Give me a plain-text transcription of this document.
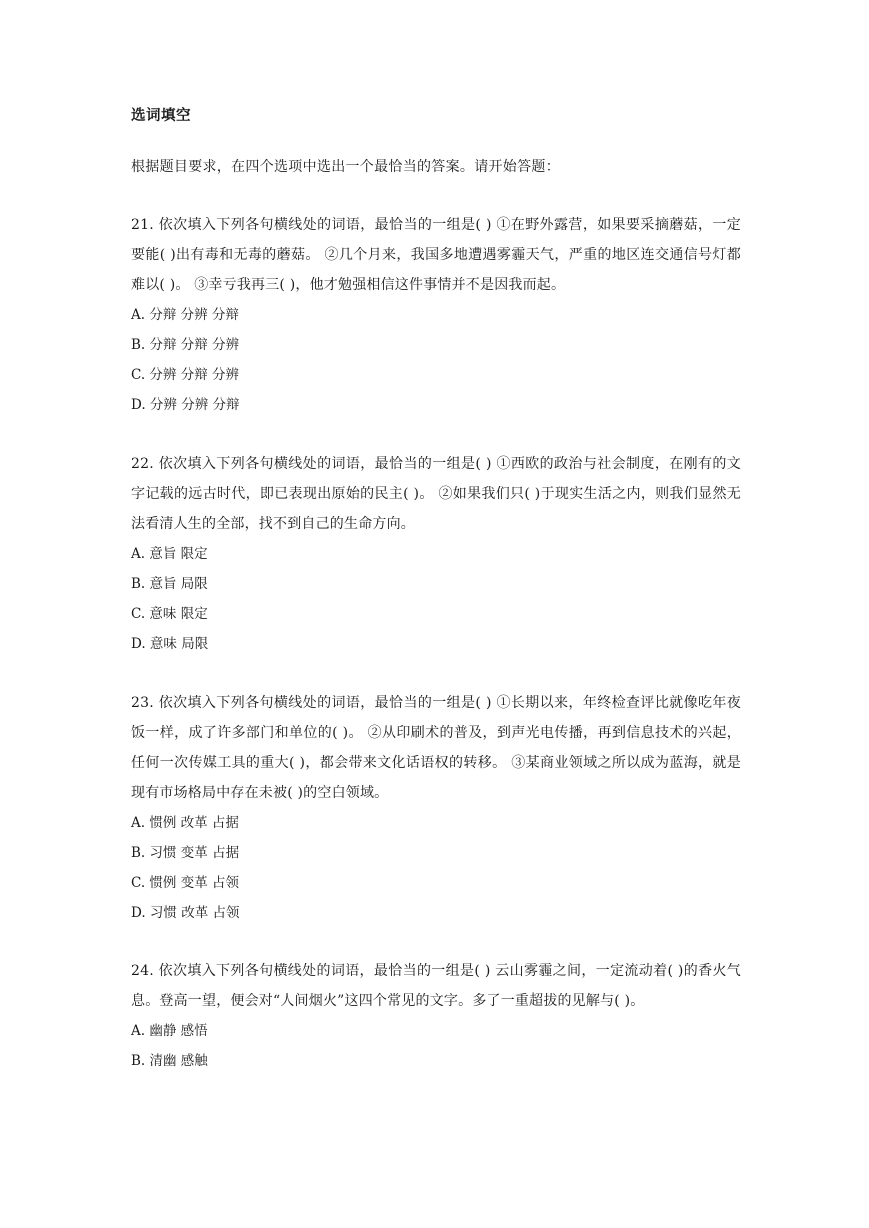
选词填空
根据题目要求，在四个选项中选出一个最恰当的答案。请开始答题：

21. 依次填入下列各句横线处的词语，最恰当的一组是( ) ①在野外露营，如果要采摘蘑菇，一定要能( )出有毒和无毒的蘑菇。 ②几个月来，我国多地遭遇雾霾天气，严重的地区连交通信号灯都难以( )。 ③幸亏我再三( )，他才勉强相信这件事情并不是因我而起。

A. 分辩 分辨 分辩

B. 分辩 分辩 分辨

C. 分辨 分辩 分辨

D. 分辨 分辨 分辩

22. 依次填入下列各句横线处的词语，最恰当的一组是( ) ①西欧的政治与社会制度，在刚有的文字记载的远古时代，即已表现出原始的民主( )。 ②如果我们只( )于现实生活之内，则我们显然无法看清人生的全部，找不到自己的生命方向。

A. 意旨 限定

B. 意旨 局限

C. 意味 限定

D. 意味 局限

23. 依次填入下列各句横线处的词语，最恰当的一组是( ) ①长期以来，年终检查评比就像吃年夜饭一样，成了许多部门和单位的( )。 ②从印刷术的普及，到声光电传播，再到信息技术的兴起，任何一次传媒工具的重大( )，都会带来文化话语权的转移。 ③某商业领域之所以成为蓝海，就是现有市场格局中存在未被( )的空白领域。

A. 惯例 改革 占据

B. 习惯 变革 占据

C. 惯例 变革 占领

D. 习惯 改革 占领

24. 依次填入下列各句横线处的词语，最恰当的一组是( ) 云山雾霾之间，一定流动着( )的香火气息。登高一望，便会对“人间烟火”这四个常见的文字。多了一重超拔的见解与( )。

A. 幽静 感悟

B. 清幽 感触
